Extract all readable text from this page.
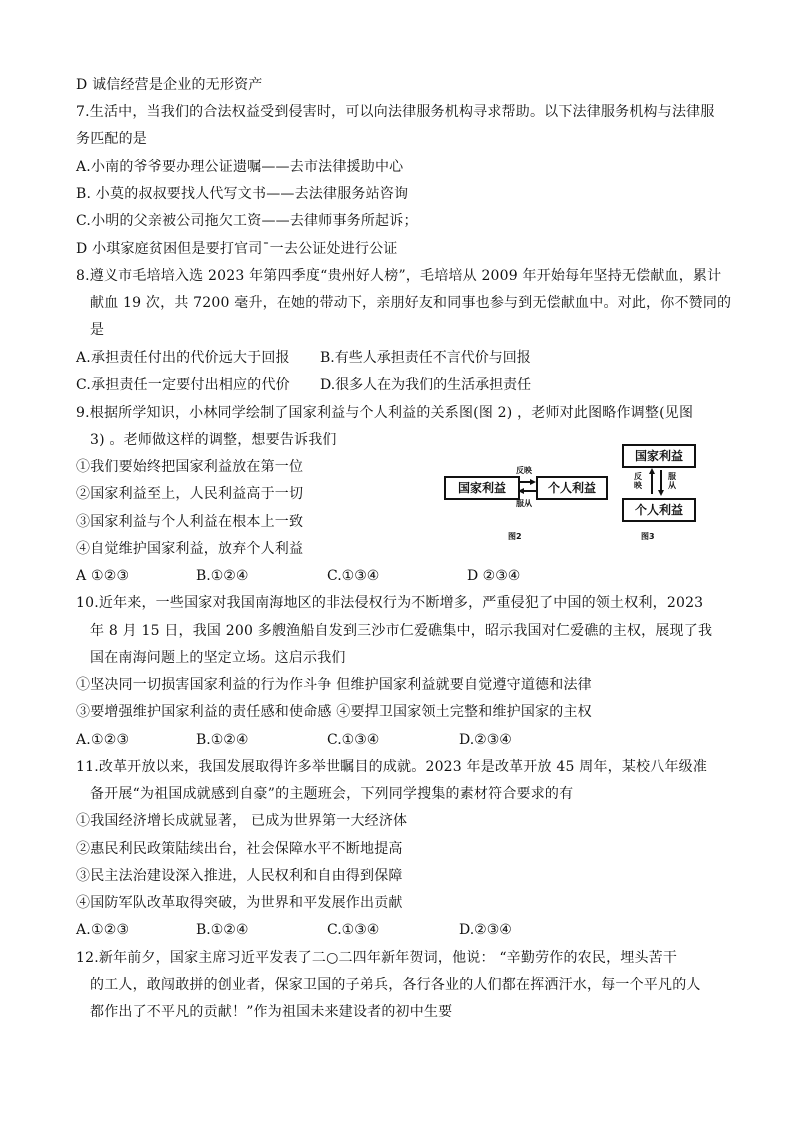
D 诚信经营是企业的无形资产
7.生活中，当我们的合法权益受到侵害时，可以向法律服务机构寻求帮助。以下法律服务机构与法律服
务匹配的是
A.小南的爷爷要办理公证遗嘱——去市法律援助中心
B. 小莫的叔叔要找人代写文书——去法律服务站咨询
C.小明的父亲被公司拖欠工资——去律师事务所起诉；
D 小琪家庭贫困但是要打官司ˉ一去公证处进行公证
8.遵义市毛培培入选 2023 年第四季度“贵州好人榜”，毛培培从 2009 年开始每年坚持无偿献血，累计
献血 19 次，共 7200 毫升，在她的带动下，亲朋好友和同事也参与到无偿献血中。对此，你不赞同的
是
A.承担责任付出的代价远大于回报 B.有些人承担责任不言代价与回报
C.承担责任一定要付出相应的代价 D.很多人在为我们的生活承担责任
9.根据所学知识，小林同学绘制了国家利益与个人利益的关系图(图 2) ，老师对此图略作调整(见图
3) 。老师做这样的调整，想要告诉我们
①我们要始终把国家利益放在第一位
②国家利益至上，人民利益高于一切
③国家利益与个人利益在根本上一致
④自觉维护国家利益，放弃个人利益
A ①②③	B.①②④	C.①③④	D ②③④
国家利益	个人利益
反映
服从
图2
国家利益
个人利益
反映
服从
图3
10.近年来，一些国家对我国南海地区的非法侵权行为不断增多，严重侵犯了中国的领土权利，2023
年 8 月 15 日，我国 200 多艘渔船自发到三沙市仁爱礁集中，昭示我国对仁爱礁的主权，展现了我
国在南海问题上的坚定立场。这启示我们
①坚决同一切损害国家利益的行为作斗争 但维护国家利益就要自觉遵守道德和法律
③要增强维护国家利益的责任感和使命感 ④要捍卫国家领土完整和维护国家的主权
A.①②③	B.①②④	C.①③④	D.②③④
11.改革开放以来，我国发展取得许多举世瞩目的成就。2023 年是改革开放 45 周年，某校八年级准
备开展“为祖国成就感到自豪”的主题班会，下列同学搜集的素材符合要求的有
①我国经济增长成就显著， 已成为世界第一大经济体
②惠民利民政策陆续出台，社会保障水平不断地提高
③民主法治建设深入推进，人民权利和自由得到保障
④国防军队改革取得突破，为世界和平发展作出贡献
A.①②③	B.①②④	C.①③④	D.②③④
12.新年前夕，国家主席习近平发表了二○二四年新年贺词，他说： “辛勤劳作的农民，埋头苦干
的工人，敢闯敢拼的创业者，保家卫国的子弟兵，各行各业的人们都在挥洒汗水，每一个平凡的人
都作出了不平凡的贡献！”作为祖国未来建设者的初中生要
